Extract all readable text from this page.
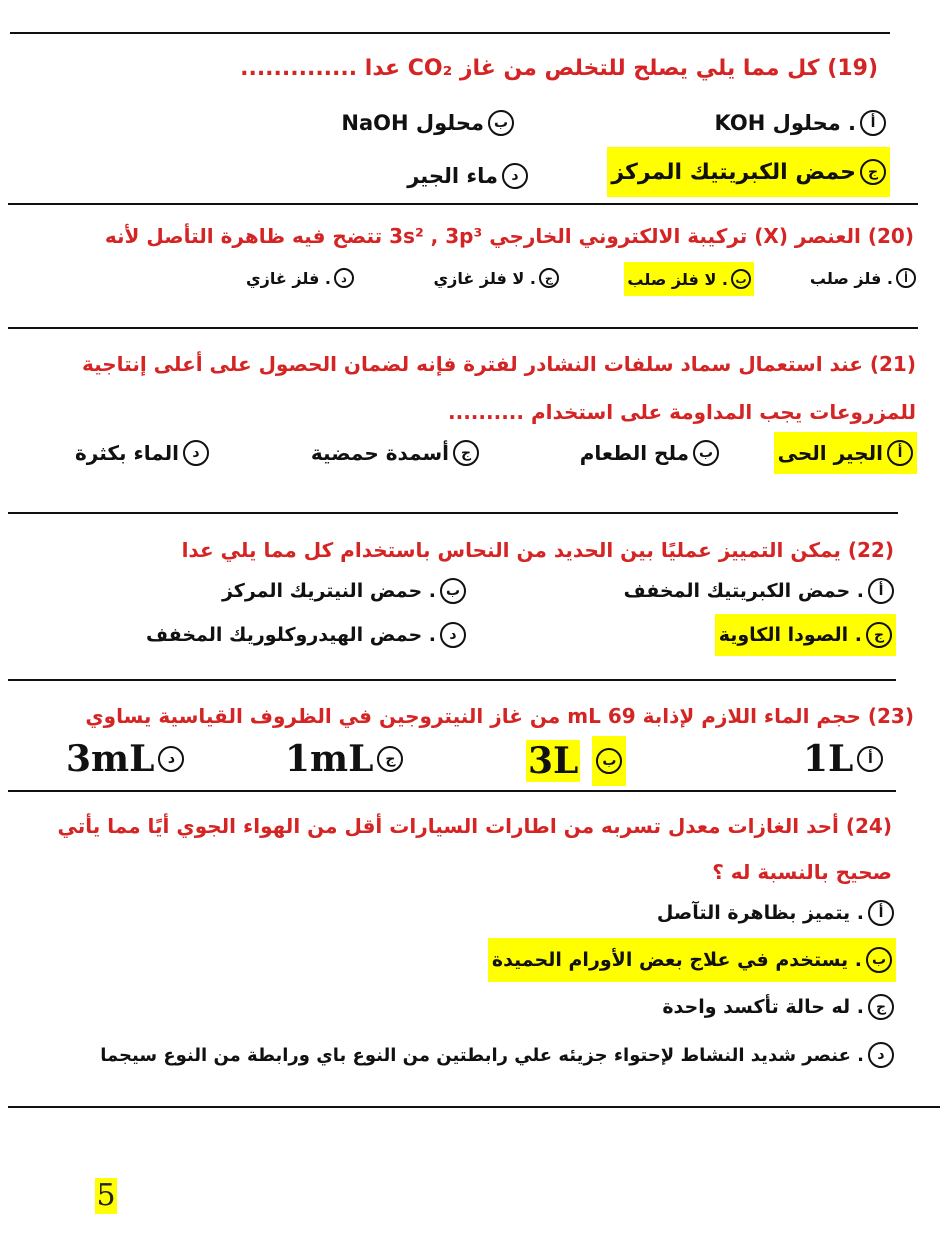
(19) كل مما يلي يصلح للتخلص من غاز CO₂ عدا ..............
أ
. محلول KOH
ب
محلول NaOH
ج
حمض الكبريتيك المركز
د
ماء الجير
(20) العنصر (X) تركيبة الالكتروني الخارجي 3s² , 3p³ تتضح فيه ظاهرة التأصل لأنه
أ
. فلز صلب
ب
. لا فلز صلب
ج
. لا فلز غازي
د
. فلز غازي
(21) عند استعمال سماد سلفات النشادر لفترة فإنه لضمان الحصول على أعلى إنتاجية
للمزروعات يجب المداومة على استخدام ..........
أ
الجير الحى
ب
ملح الطعام
ج
أسمدة حمضية
د
الماء بكثرة
(22) يمكن التمييز عمليًا بين الحديد من النحاس باستخدام كل مما يلي عدا
أ
. حمض الكبريتيك المخفف
ب
. حمض النيتريك المركز
ج
. الصودا الكاوية
د
. حمض الهيدروكلوريك المخفف
(23) حجم الماء اللازم لإذابة 69 mL من غاز النيتروجين في الظروف القياسية يساوي
1L	أ
3L	ب
1mL ج
3mL د
(24) أحد الغازات معدل تسربه من اطارات السيارات أقل من الهواء الجوي أيًا مما يأتي
صحيح بالنسبة له ؟
أ
. يتميز بظاهرة التآصل
ب
. يستخدم في علاج بعض الأورام الحميدة
ج
. له حالة تأكسد واحدة
د
. عنصر شديد النشاط لإحتواء جزيئه علي رابطتين من النوع باي ورابطة من النوع سيجما
5
